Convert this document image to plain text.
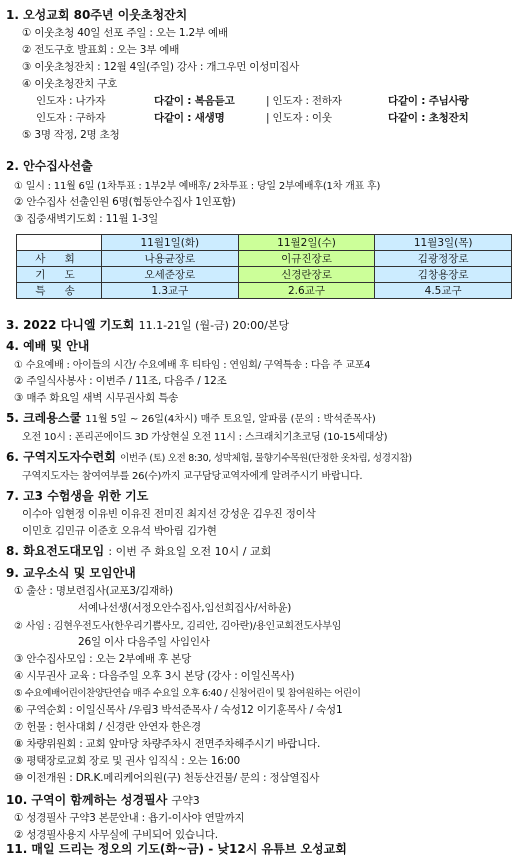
1. 오성교회 80주년 이웃초청잔치
① 이웃초청 40일 선포 주일 : 오는 1.2부 예배
② 전도구호 발표회 : 오는 3부 예배
③ 이웃초청잔치 : 12월 4일(주일) 강사 : 개그우먼 이성미집사
④ 이웃초청잔치 구호
인도자 : 나가자	다같이 : 복음듣고	| 인도자 : 전하자	다같이 : 주님사랑
인도자 : 구하자	다같이 : 새생명	| 인도자 : 이웃	다같이 : 초청잔치
⑤ 3명 작정, 2명 초청
2. 안수집사선출
① 일시 : 11월 6일 (1차투표 : 1부2부 예배후/ 2차투표 : 당일 2부예배후(1차 개표 후)
② 안수집사 선출인원 6명(협동안수집사 1인포함)
③ 집중새벽기도회 : 11월 1-3일
	11월1일(화)	11월2일(수)	11월3일(목)
사 회	나용균장로	이규진장로	김광정장로
기 도	오세준장로	신경란장로	김창용장로
특 송	1.3교구	2.6교구	4.5교구
3. 2022 다니엘 기도회 11.1-21일 (월-금) 20:00/본당
4. 예배 및 안내
① 수요예배 : 아이들의 시간/ 수요예배 후 티타임 : 연임회/ 구역특송 : 다음 주 교포4
② 주일식사봉사 : 이번주 / 11조, 다음주 / 12조
③ 매주 화요일 새벽 시무권사회 특송
5. 크레용스쿨 11월 5일 ~ 26일(4차시) 매주 토요일, 알파룸 (문의 : 박석준목사)
오전 10시 : 폰리곤에이드 3D 가상현실 오전 11시 : 스크래치기초코딩 (10-15세대상)
6. 구역지도자수련회 이번주 (토) 오전 8:30, 성막체험, 물향기수목원(단정한 옷차림, 성경지참)
구역지도자는 참여여부를 26(수)까지 교구담당교역자에게 알려주시기 바랍니다.
7. 고3 수험생을 위한 기도
이수아 임현정 이유빈 이유진 전미진 최지선 강성운 김우진 정이삭
이민호 김민규 이준호 오유석 박아림 김가현
8. 화요전도대모임 : 이번 주 화요일 오전 10시 / 교회
9. 교우소식 및 모임안내
① 출산 : 명보련집사(교포3/김재하)
서예나선생(서정오안수집사,임선희집사/서하윤)
② 사임 : 김현우전도사(한우리기쁨사모, 김리안, 김아란)/용인교회전도사부임
26일 이사 다음주일 사임인사
③ 안수집사모임 : 오는 2부예배 후 본당
④ 시무권사 교육 : 다음주일 오후 3시 본당 (강사 : 이일신목사)
⑤ 수요예배어린이찬양단연습 매주 수요일 오후 6:40 / 신청어린이 및 참여원하는 어린이
⑥ 구역순회 : 이일신목사 /우림3 박석준목사 / 숙성12 이기훈목사 / 숙성1
⑦ 헌물 : 헌사대회 / 신경란 안연자 한은경
⑧ 차량위원회 : 교회 앞마당 차량주차시 전면주차해주시기 바랍니다.
⑨ 평택장로교회 장로 및 권사 임직식 : 오는 16:00
⑩ 이전개원 : DR.K.메리케어의원(구) 천동산건물/ 문의 : 정삼열집사
10. 구역이 함께하는 성경필사 구약3
① 성경필사 구약3 본문안내 : 욥기-이사야 연말까지
② 성경필사용지 사무실에 구비되어 있습니다.
11. 매일 드리는 정오의 기도(화~금) - 낮12시 유튜브 오성교회
